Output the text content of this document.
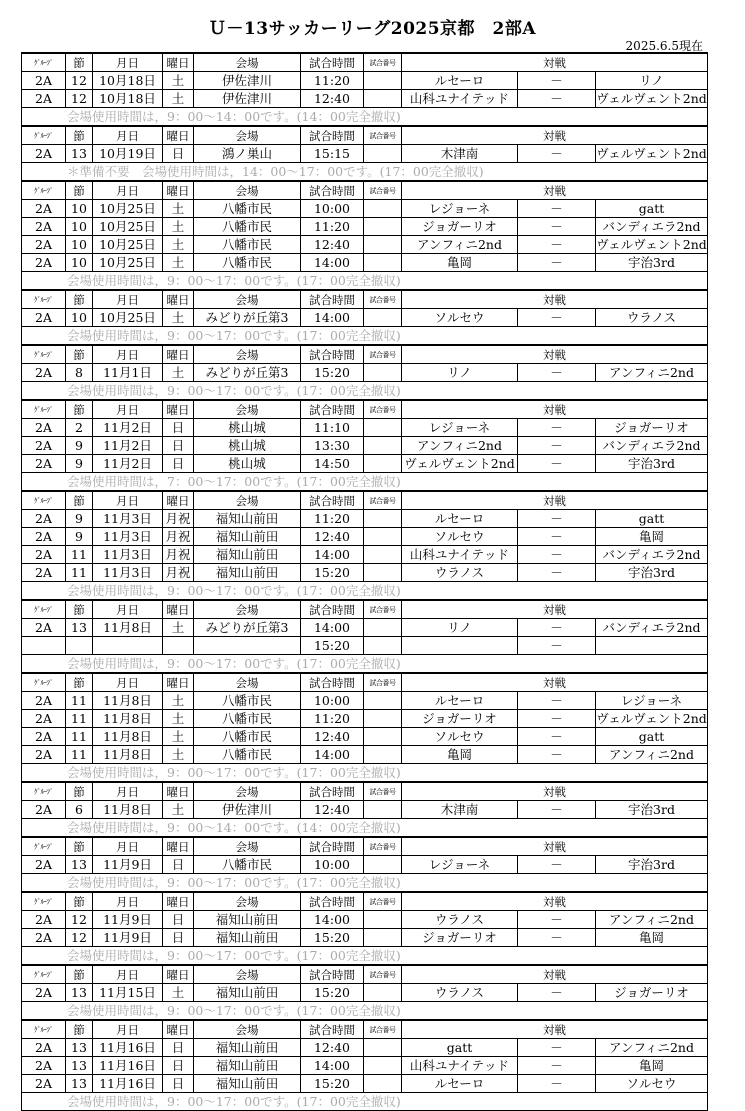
Ｕ－13サッカーリーグ2025京都　2部A
2025.6.5現在
ｸﾞﾙｰﾌﾟ	節	月日	曜日	会場	試合時間	試合番号	対戦		
2A	12	10月18日	土	伊佐津川	11:20		ルセーロ	－	リノ
2A	12	10月18日	土	伊佐津川	12:40		山科ユナイテッド	－	ヴェルヴェント2nd
会場使用時間は，9：00～14：00です。(14：00完全撤収)									
ｸﾞﾙｰﾌﾟ	節	月日	曜日	会場	試合時間	試合番号	対戦		
2A	13	10月19日	日	鴻ノ巣山	15:15		木津南	－	ヴェルヴェント2nd
＊準備不要　会場使用時間は，14：00～17：00です。(17：00完全撤収)									
ｸﾞﾙｰﾌﾟ	節	月日	曜日	会場	試合時間	試合番号	対戦		
2A	10	10月25日	土	八幡市民	10:00		レジョーネ	－	gatt
2A	10	10月25日	土	八幡市民	11:20		ジョガーリオ	－	バンディエラ2nd
2A	10	10月25日	土	八幡市民	12:40		アンフィニ2nd	－	ヴェルヴェント2nd
2A	10	10月25日	土	八幡市民	14:00		亀岡	－	宇治3rd
会場使用時間は，9：00～17：00です。(17：00完全撤収)									
ｸﾞﾙｰﾌﾟ	節	月日	曜日	会場	試合時間	試合番号	対戦		
2A	10	10月25日	土	みどりが丘第3	14:00		ソルセウ	－	ウラノス
会場使用時間は，9：00～17：00です。(17：00完全撤収)									
ｸﾞﾙｰﾌﾟ	節	月日	曜日	会場	試合時間	試合番号	対戦		
2A	8	11月1日	土	みどりが丘第3	15:20		リノ	－	アンフィニ2nd
会場使用時間は，9：00～17：00です。(17：00完全撤収)									
ｸﾞﾙｰﾌﾟ	節	月日	曜日	会場	試合時間	試合番号	対戦		
2A	2	11月2日	日	桃山城	11:10		レジョーネ	－	ジョガーリオ
2A	9	11月2日	日	桃山城	13:30		アンフィニ2nd	－	バンディエラ2nd
2A	9	11月2日	日	桃山城	14:50		ヴェルヴェント2nd	－	宇治3rd
会場使用時間は，7：00～17：00です。(17：00完全撤収)									
ｸﾞﾙｰﾌﾟ	節	月日	曜日	会場	試合時間	試合番号	対戦		
2A	9	11月3日	月祝	福知山前田	11:20		ルセーロ	－	gatt
2A	9	11月3日	月祝	福知山前田	12:40		ソルセウ	－	亀岡
2A	11	11月3日	月祝	福知山前田	14:00		山科ユナイテッド	－	バンディエラ2nd
2A	11	11月3日	月祝	福知山前田	15:20		ウラノス	－	宇治3rd
会場使用時間は，9：00～17：00です。(17：00完全撤収)									
ｸﾞﾙｰﾌﾟ	節	月日	曜日	会場	試合時間	試合番号	対戦		
2A	13	11月8日	土	みどりが丘第3	14:00		リノ	－	バンディエラ2nd
					15:20			－	
会場使用時間は，9：00～17：00です。(17：00完全撤収)									
ｸﾞﾙｰﾌﾟ	節	月日	曜日	会場	試合時間	試合番号	対戦		
2A	11	11月8日	土	八幡市民	10:00		ルセーロ	－	レジョーネ
2A	11	11月8日	土	八幡市民	11:20		ジョガーリオ	－	ヴェルヴェント2nd
2A	11	11月8日	土	八幡市民	12:40		ソルセウ	－	gatt
2A	11	11月8日	土	八幡市民	14:00		亀岡	－	アンフィニ2nd
会場使用時間は，9：00～17：00です。(17：00完全撤収)									
ｸﾞﾙｰﾌﾟ	節	月日	曜日	会場	試合時間	試合番号	対戦		
2A	6	11月8日	土	伊佐津川	12:40		木津南	－	宇治3rd
会場使用時間は，9：00～14：00です。(14：00完全撤収)									
ｸﾞﾙｰﾌﾟ	節	月日	曜日	会場	試合時間	試合番号	対戦		
2A	13	11月9日	日	八幡市民	10:00		レジョーネ	－	宇治3rd
会場使用時間は，9：00～17：00です。(17：00完全撤収)									
ｸﾞﾙｰﾌﾟ	節	月日	曜日	会場	試合時間	試合番号	対戦		
2A	12	11月9日	日	福知山前田	14:00		ウラノス	－	アンフィニ2nd
2A	12	11月9日	日	福知山前田	15:20		ジョガーリオ	－	亀岡
会場使用時間は，9：00～17：00です。(17：00完全撤収)									
ｸﾞﾙｰﾌﾟ	節	月日	曜日	会場	試合時間	試合番号	対戦		
2A	13	11月15日	土	福知山前田	15:20		ウラノス	－	ジョガーリオ
会場使用時間は，9：00～17：00です。(17：00完全撤収)									
ｸﾞﾙｰﾌﾟ	節	月日	曜日	会場	試合時間	試合番号	対戦		
2A	13	11月16日	日	福知山前田	12:40		gatt	－	アンフィニ2nd
2A	13	11月16日	日	福知山前田	14:00		山科ユナイテッド	－	亀岡
2A	13	11月16日	日	福知山前田	15:20		ルセーロ	－	ソルセウ
会場使用時間は，9：00～17：00です。(17：00完全撤収)									
